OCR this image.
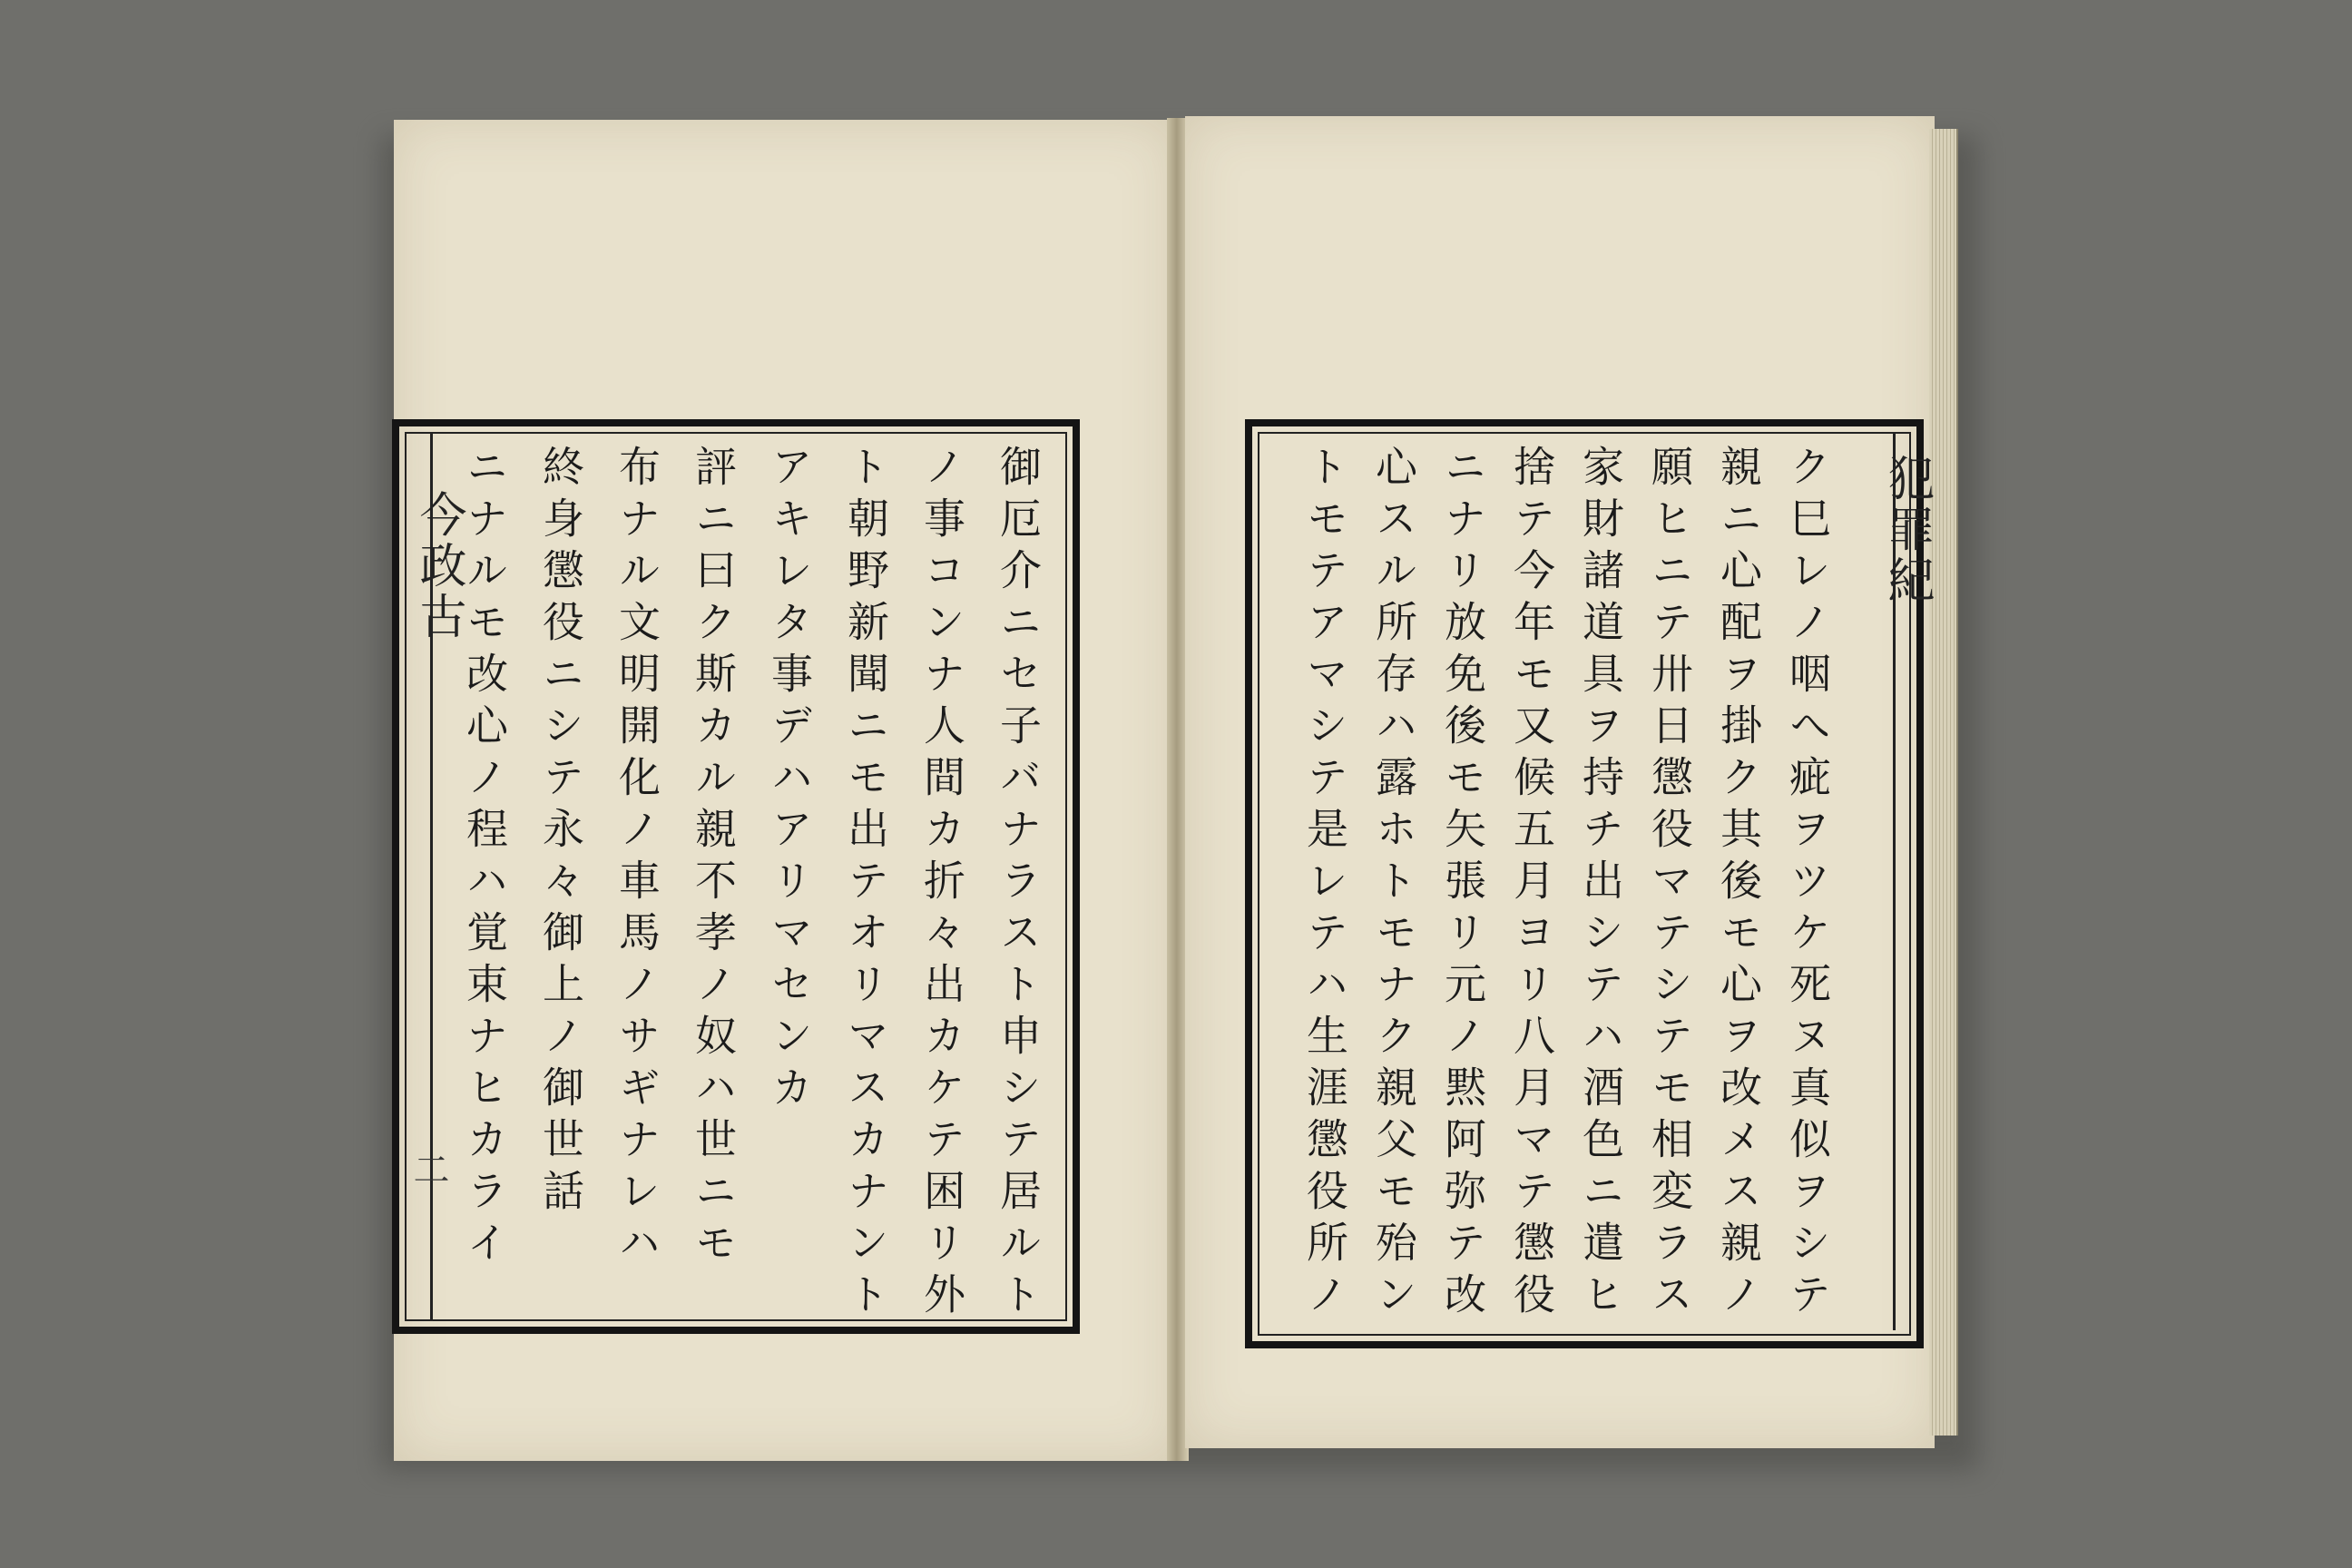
御厄介ニセ子バナラスト申シテ居ルト
ノ事コンナ人間カ折々出カケテ困リ外
ト朝野新聞ニモ出テオリマスカナント
アキレタ事デハアリマセンカ
評ニ曰ク斯カル親不孝ノ奴ハ世ニモ
布ナル文明開化ノ車馬ノサギナレハ
終身懲役ニシテ永々御上ノ御世話
ニナルモ改心ノ程ハ覚束ナヒカライ
今政古
二	ク巳レノ咽へ疵ヲツケ死ヌ真似ヲシテ
親ニ心配ヲ掛ク其後モ心ヲ改メス親ノ
願ヒニテ卅日懲役マテシテモ相変ラス
家財諸道具ヲ持チ出シテハ酒色ニ遣ヒ
捨テ今年モ又候五月ヨリ八月マテ懲役
ニナリ放免後モ矢張リ元ノ黙阿弥テ改
心スル所存ハ露ホトモナク親父モ殆ン
トモテアマシテ是レテハ生涯懲役所ノ	犯罪紀
